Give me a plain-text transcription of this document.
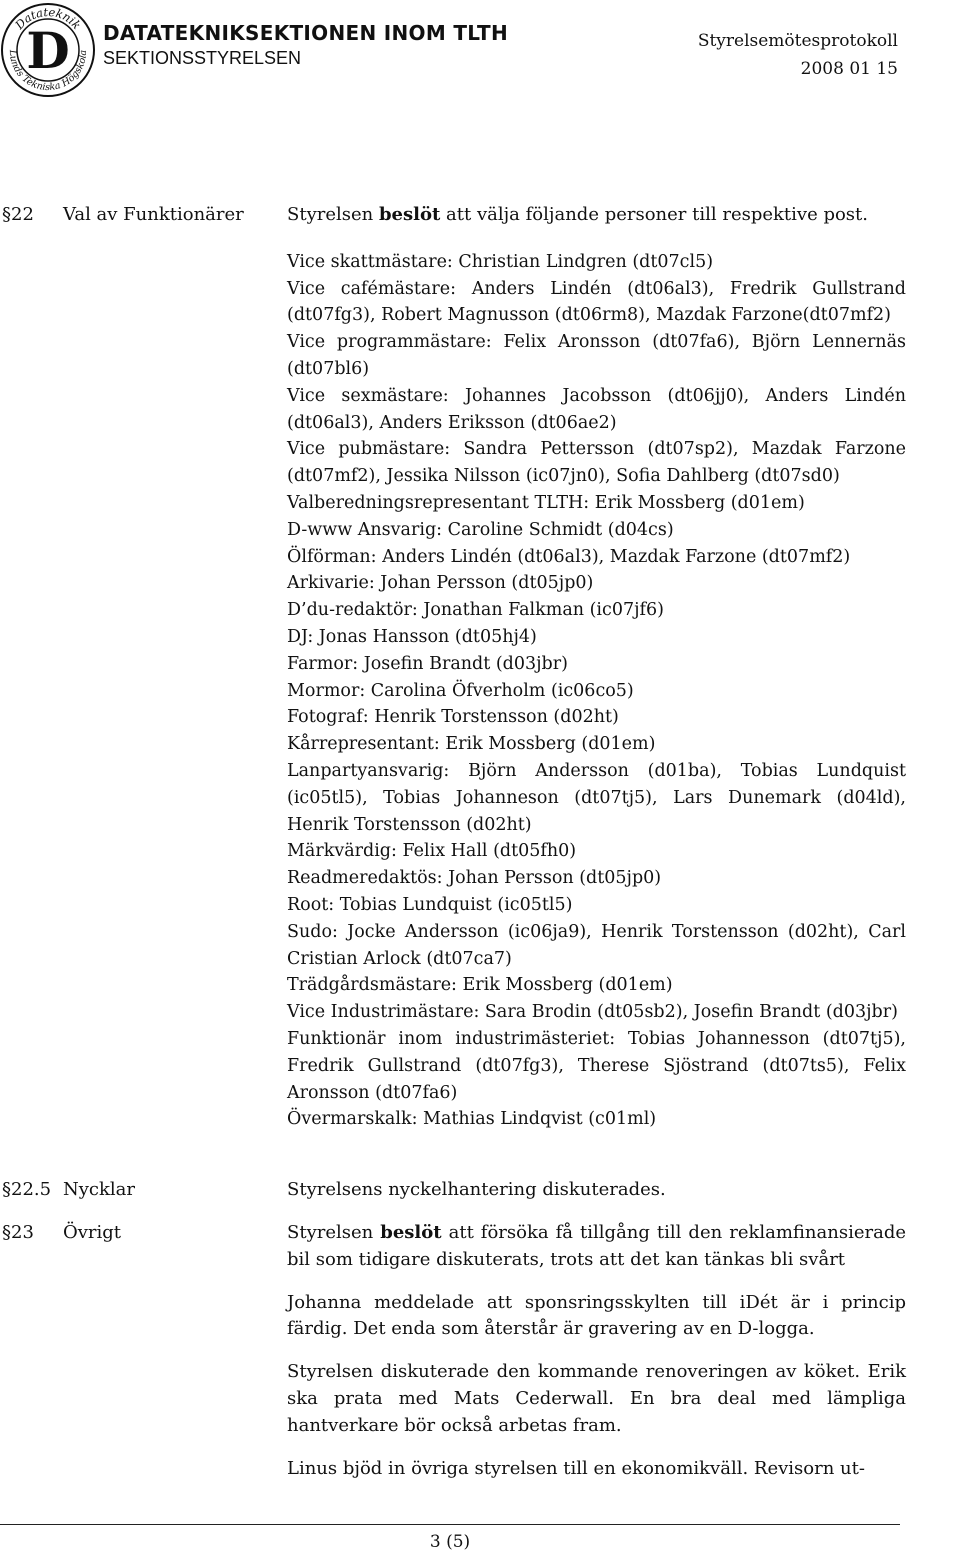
Datateknik
Lunds Tekniska Högskola
D DATATEKNIKSEKTIONEN INOM TLTH
SEKTIONSSTYRELSEN
Styrelsemötesprotokoll
2008 01 15
§22 Val av Funktionärer Styrelsen beslöt att välja följande personer till respektive post.

Vice skattmästare: Christian Lindgren (dt07cl5)
Vice cafémästare: Anders Lindén (dt06al3), Fredrik Gullstrand (dt07fg3), Robert Magnusson (dt06rm8), Mazdak Farzone(dt07mf2)
Vice programmästare: Felix Aronsson (dt07fa6), Björn Lennernäs (dt07bl6)
Vice sexmästare: Johannes Jacobsson (dt06jj0), Anders Lindén (dt06al3), Anders Eriksson (dt06ae2)
Vice pubmästare: Sandra Pettersson (dt07sp2), Mazdak Farzone (dt07mf2), Jessika Nilsson (ic07jn0), Sofia Dahlberg (dt07sd0)
Valberedningsrepresentant TLTH: Erik Mossberg (d01em)
D-www Ansvarig: Caroline Schmidt (d04cs)
Ölförman: Anders Lindén (dt06al3), Mazdak Farzone (dt07mf2)
Arkivarie: Johan Persson (dt05jp0)
D’du-redaktör: Jonathan Falkman (ic07jf6)
DJ: Jonas Hansson (dt05hj4)
Farmor: Josefin Brandt (d03jbr)
Mormor: Carolina Öfverholm (ic06co5)
Fotograf: Henrik Torstensson (d02ht)
Kårrepresentant: Erik Mossberg (d01em)
Lanpartyansvarig: Björn Andersson (d01ba), Tobias Lundquist (ic05tl5), Tobias Johanneson (dt07tj5), Lars Dunemark (d04ld), Henrik Torstensson (d02ht)
Märkvärdig: Felix Hall (dt05fh0)
Readmeredaktös: Johan Persson (dt05jp0)
Root: Tobias Lundquist (ic05tl5)
Sudo: Jocke Andersson (ic06ja9), Henrik Torstensson (d02ht), Carl Cristian Arlock (dt07ca7)
Trädgårdsmästare: Erik Mossberg (d01em)
Vice Industrimästare: Sara Brodin (dt05sb2), Josefin Brandt (d03jbr)
Funktionär inom industrimästeriet: Tobias Johannesson (dt07tj5), Fredrik Gullstrand (dt07fg3), Therese Sjöstrand (dt07ts5), Felix Aronsson (dt07fa6)
Övermarskalk: Mathias Lindqvist (c01ml)
§22.5 Nycklar	Styrelsens nyckelhantering diskuterades.

§23 Övrigt	Styrelsen beslöt att försöka få tillgång till den reklamfinansierade bil som tidigare diskuterats, trots att det kan tänkas bli svårt

Johanna meddelade att sponsringsskylten till iDét är i princip färdig. Det enda som återstår är gravering av en D-logga.

Styrelsen diskuterade den kommande renoveringen av köket. Erik ska prata med Mats Cederwall. En bra deal med lämpliga hantverkare bör också arbetas fram.

Linus bjöd in övriga styrelsen till en ekonomikväll. Revisorn ut-

3 (5)
